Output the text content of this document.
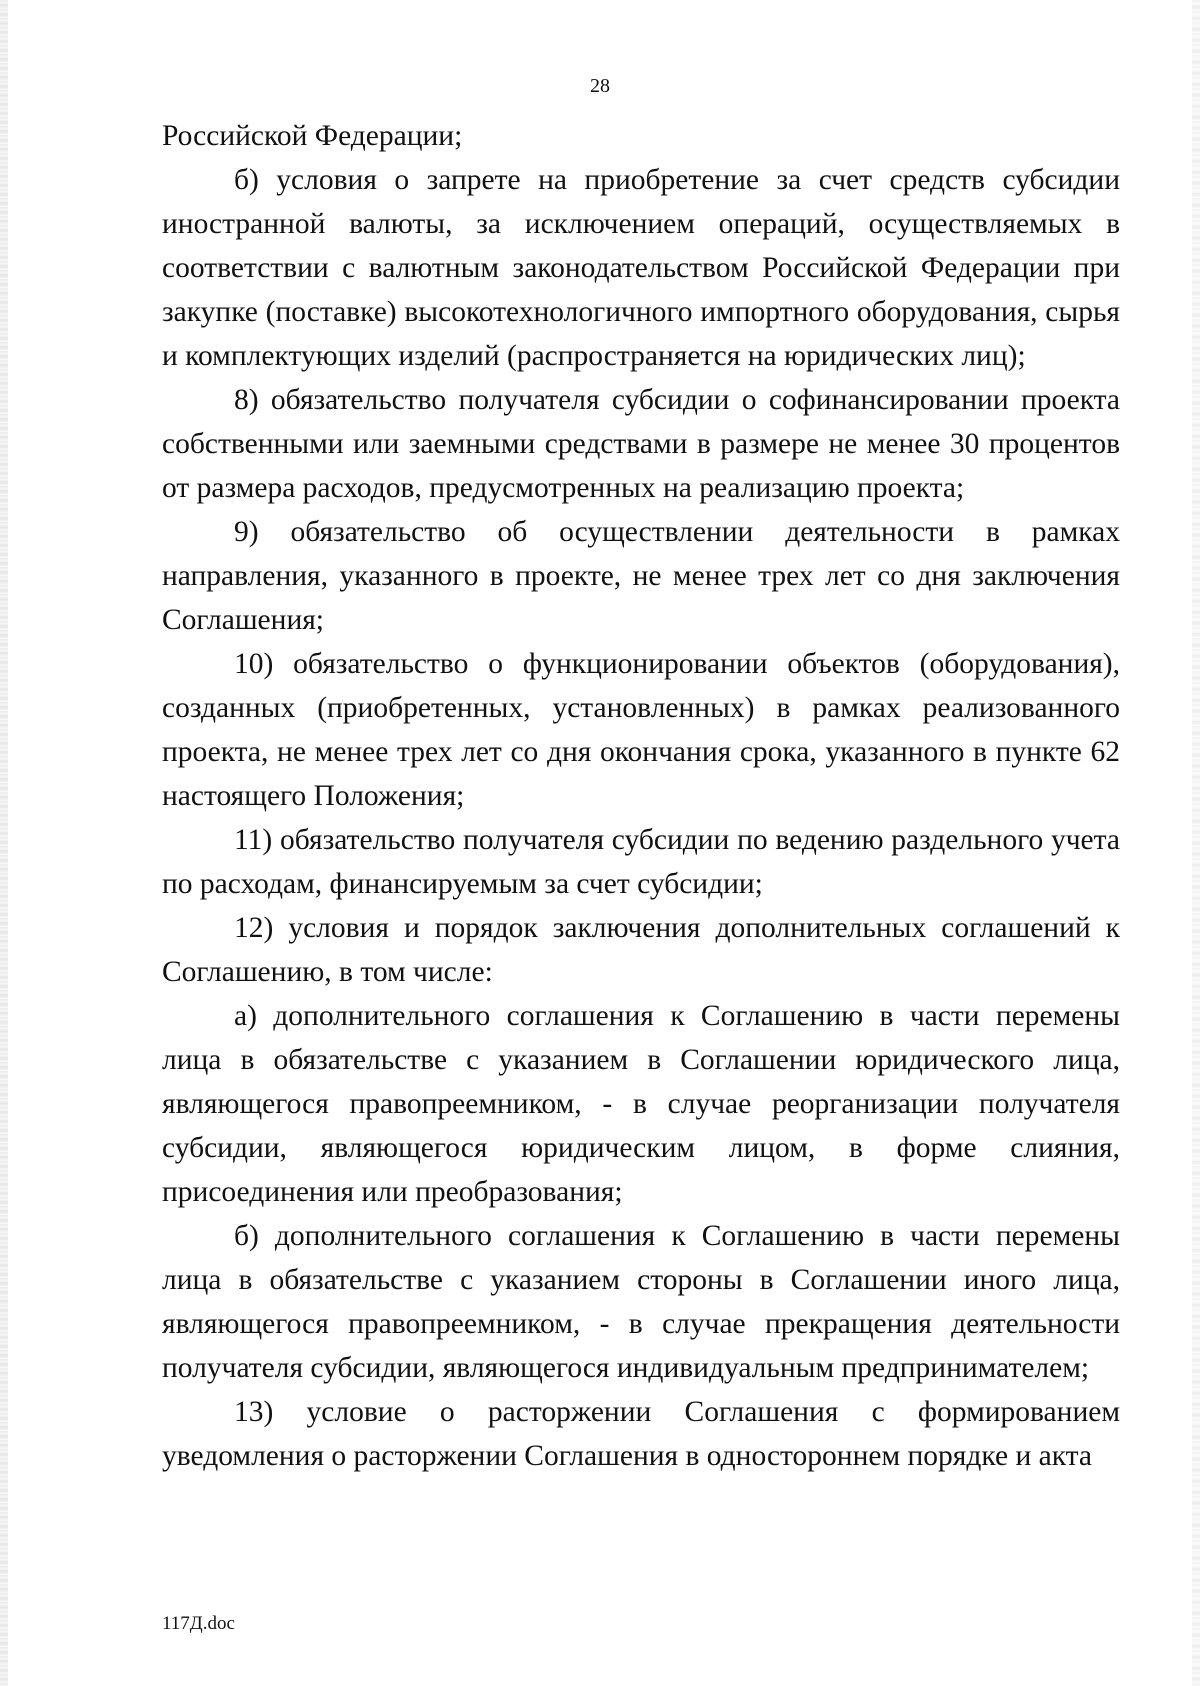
28

Российской Федерации;

б) условия о запрете на приобретение за счет средств субсидии иностранной валюты, за исключением операций, осуществляемых в соответствии с валютным законодательством Российской Федерации при закупке (поставке) высокотехнологичного импортного оборудования, сырья и комплектующих изделий (распространяется на юридических лиц);

8) обязательство получателя субсидии о софинансировании проекта собственными или заемными средствами в размере не менее 30 процентов от размера расходов, предусмотренных на реализацию проекта;

9) обязательство об осуществлении деятельности в рамках направления, указанного в проекте, не менее трех лет со дня заключения Соглашения;

10) обязательство о функционировании объектов (оборудования), созданных (приобретенных, установленных) в рамках реализованного проекта, не менее трех лет со дня окончания срока, указанного в пункте 62 настоящего Положения;

11) обязательство получателя субсидии по ведению раздельного учета по расходам, финансируемым за счет субсидии;

12) условия и порядок заключения дополнительных соглашений к Соглашению, в том числе:

а) дополнительного соглашения к Соглашению в части перемены лица в обязательстве с указанием в Соглашении юридического лица, являющегося правопреемником, - в случае реорганизации получателя субсидии, являющегося юридическим лицом, в форме слияния, присоединения или преобразования;

б) дополнительного соглашения к Соглашению в части перемены лица в обязательстве с указанием стороны в Соглашении иного лица, являющегося правопреемником, - в случае прекращения деятельности получателя субсидии, являющегося индивидуальным предпринимателем;

13) условие о расторжении Соглашения с формированием уведомления о расторжении Соглашения в одностороннем порядке и акта

117Д.doc
